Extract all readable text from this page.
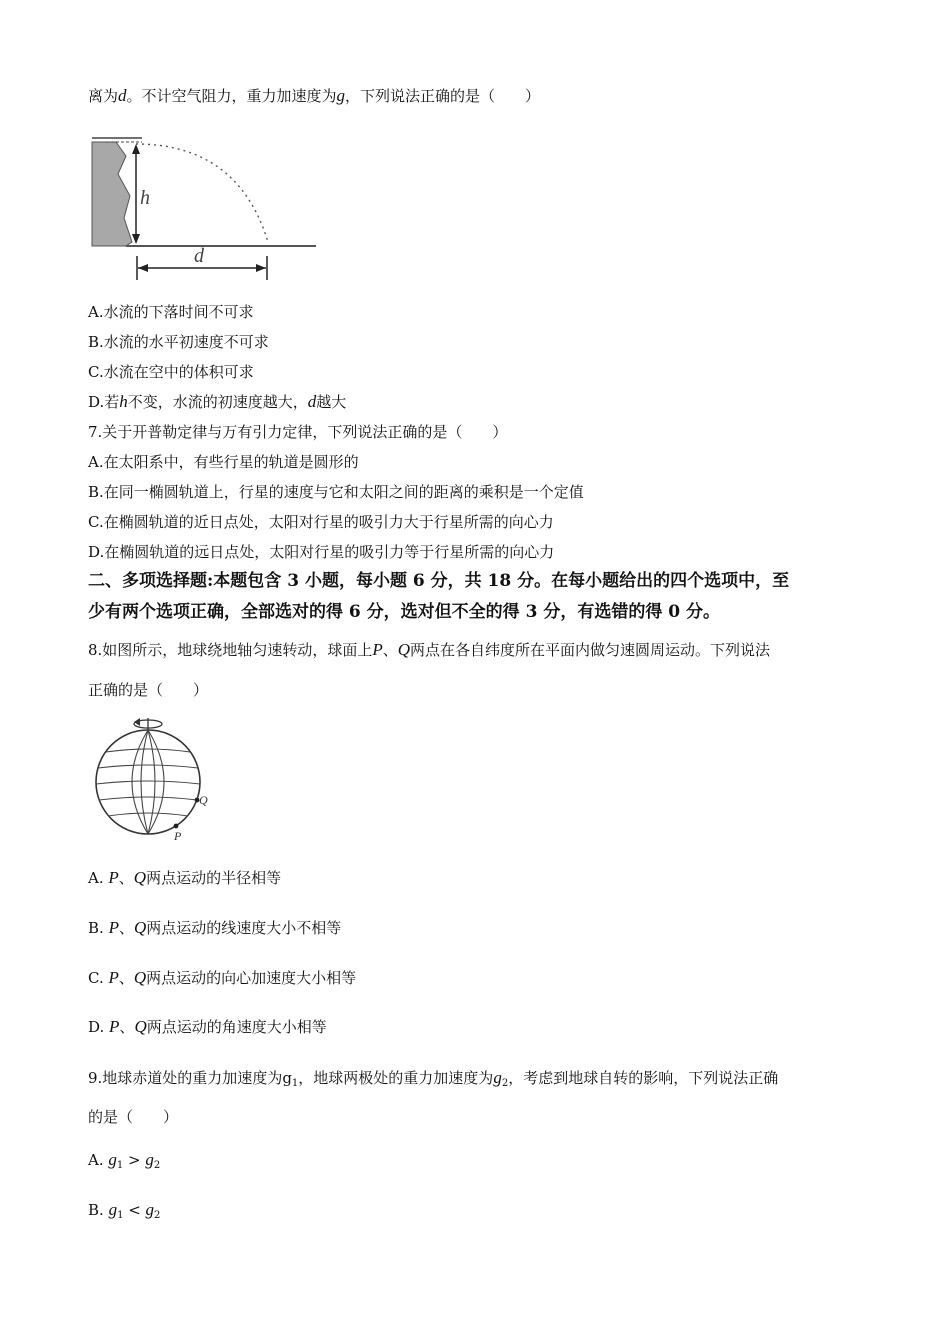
离为d。不计空气阻力，重力加速度为g，下列说法正确的是（　　）
h
d
A.水流的下落时间不可求
B.水流的水平初速度不可求
C.水流在空中的体积可求
D.若h不变，水流的初速度越大，d越大
7.关于开普勒定律与万有引力定律，下列说法正确的是（　　）
A.在太阳系中，有些行星的轨道是圆形的
B.在同一椭圆轨道上，行星的速度与它和太阳之间的距离的乘积是一个定值
C.在椭圆轨道的近日点处，太阳对行星的吸引力大于行星所需的向心力
D.在椭圆轨道的远日点处，太阳对行星的吸引力等于行星所需的向心力
二、多项选择题:本题包含 3 小题，每小题 6 分，共 18 分。在每小题给出的四个选项中，至
少有两个选项正确，全部选对的得 6 分，选对但不全的得 3 分，有选错的得 0 分。
8.如图所示，地球绕地轴匀速转动，球面上P、Q两点在各自纬度所在平面内做匀速圆周运动。下列说法
正确的是（　　）
Q
P
A. P、Q两点运动的半径相等
B. P、Q两点运动的线速度大小不相等
C. P、Q两点运动的向心加速度大小相等
D. P、Q两点运动的角速度大小相等
9.地球赤道处的重力加速度为$g_1$，地球两极处的重力加速度为$g_2$，考虑到地球自转的影响，下列说法正确
的是（　　）
A. $g_1 > g_2$
B. $g_1 < g_2$
